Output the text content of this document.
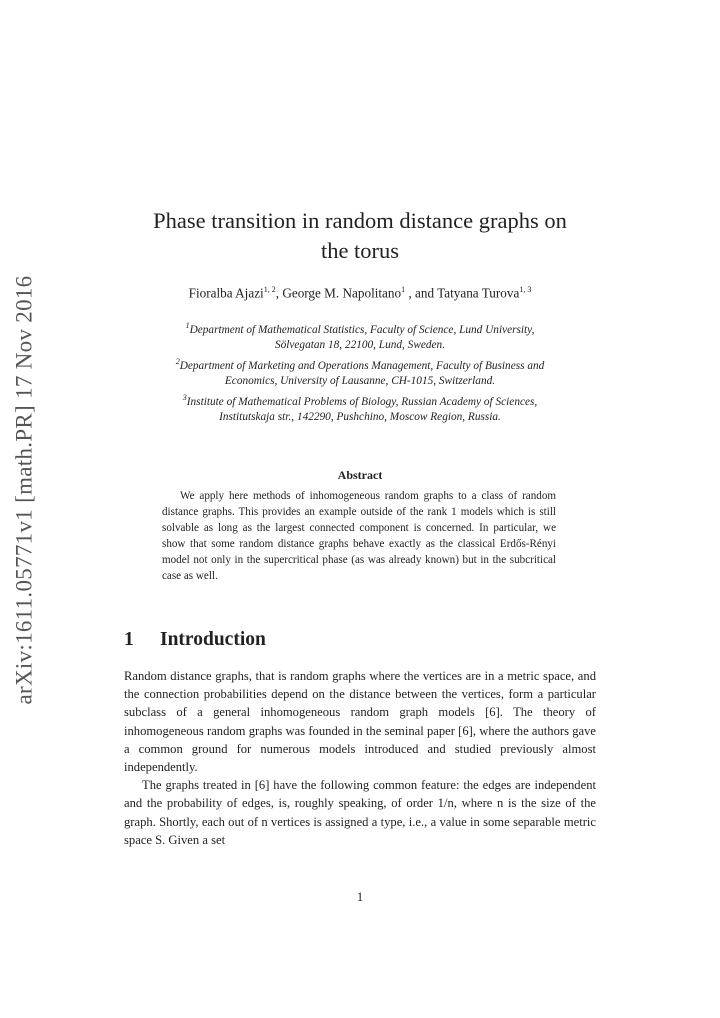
arXiv:1611.05771v1 [math.PR] 17 Nov 2016
Phase transition in random distance graphs on
the torus
Fioralba Ajazi$^{1, 2}$, George M. Napolitano$^1$ , and Tatyana Turova$^{1, 3}$

$^1$Department of Mathematical Statistics, Faculty of Science, Lund University,
Sölvegatan 18, 22100, Lund, Sweden.

$^2$Department of Marketing and Operations Management, Faculty of Business and
Economics, University of Lausanne, CH-1015, Switzerland.

$^3$Institute of Mathematical Problems of Biology, Russian Academy of Sciences,
Institutskaja str., 142290, Pushchino, Moscow Region, Russia.

Abstract

We apply here methods of inhomogeneous random graphs to a class of random distance graphs. This provides an example outside of the rank 1 models which is still solvable as long as the largest connected component is concerned. In particular, we show that some random distance graphs behave exactly as the classical Erdős-Rényi model not only in the supercritical phase (as was already known) but in the subcritical case as well.

1 Introduction

Random distance graphs, that is random graphs where the vertices are in a metric space, and the connection probabilities depend on the distance between the vertices, form a particular subclass of a general inhomogeneous random graph models [6]. The theory of inhomogeneous random graphs was founded in the seminal paper [6], where the authors gave a common ground for numerous models introduced and studied previously almost independently.

The graphs treated in [6] have the following common feature: the edges are independent and the probability of edges, is, roughly speaking, of order 1/n, where n is the size of the graph. Shortly, each out of n vertices is assigned a type, i.e., a value in some separable metric space S. Given a set

1
